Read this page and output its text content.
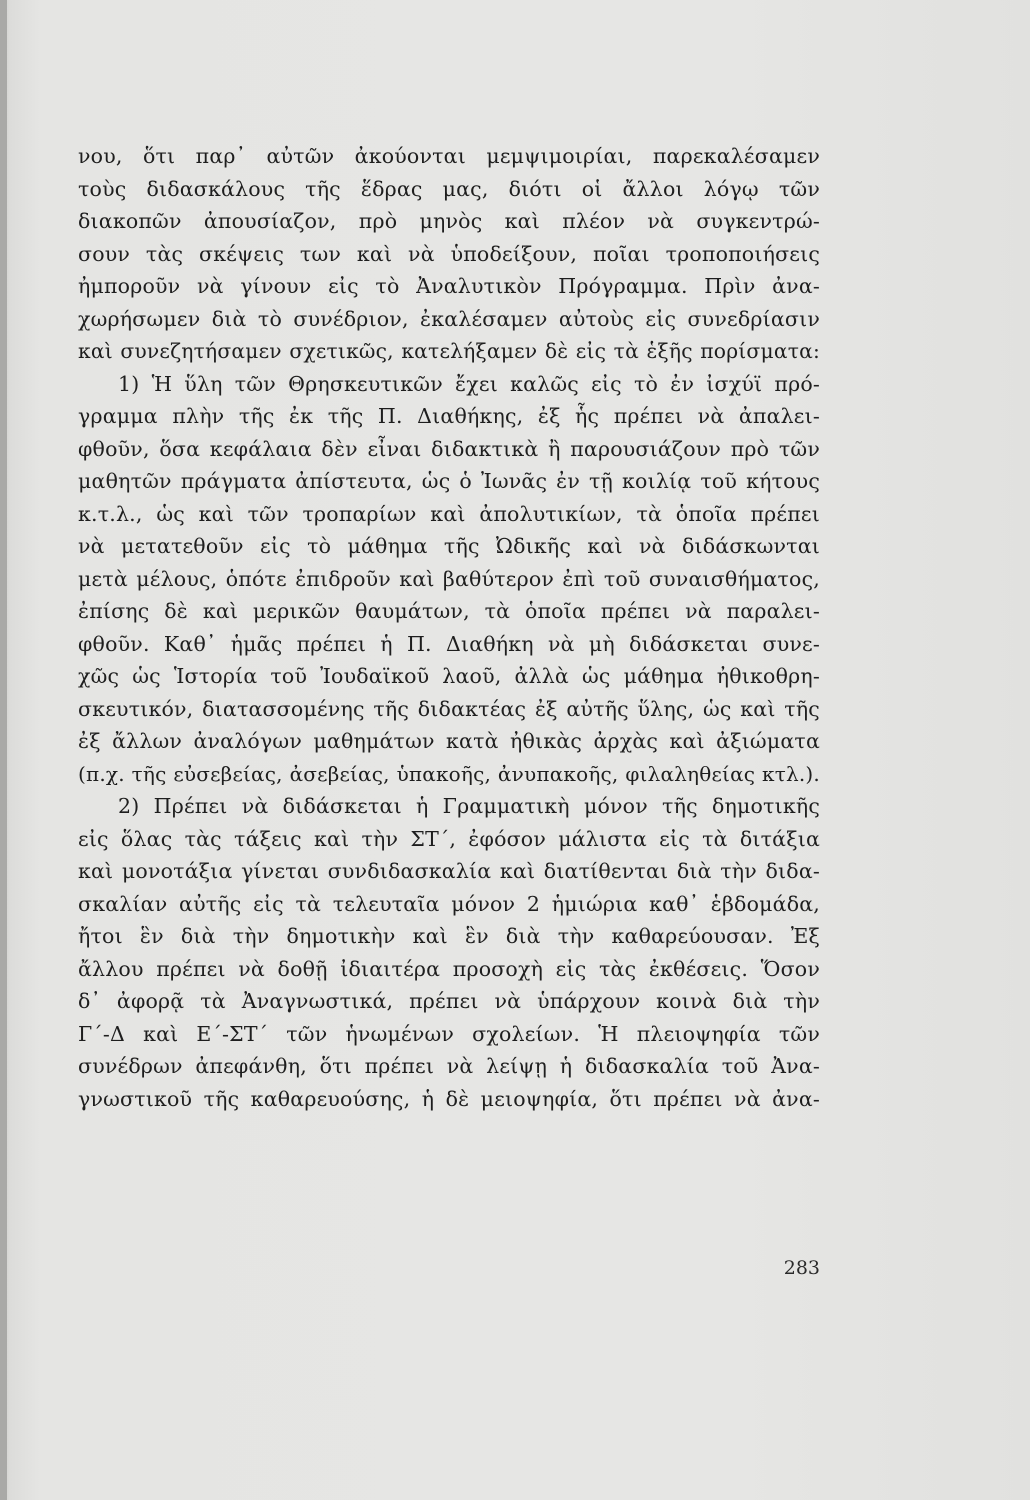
νου, ὅτι παρ᾽ αὐτῶν ἀκούονται μεμψιμοιρίαι, παρεκαλέσαμεν
τοὺς διδασκάλους τῆς ἕδρας μας, διότι οἱ ἄλλοι λόγῳ τῶν
διακοπῶν ἀπουσίαζον, πρὸ μηνὸς καὶ πλέον νὰ συγκεντρώ-
σουν τὰς σκέψεις των καὶ νὰ ὑποδείξουν, ποῖαι τροποποιήσεις
ἠμποροῦν νὰ γίνουν εἰς τὸ Ἀναλυτικὸν Πρόγραμμα. Πρὶν ἀνα-
χωρήσωμεν διὰ τὸ συνέδριον, ἐκαλέσαμεν αὐτοὺς εἰς συνεδρίασιν
καὶ συνεζητήσαμεν σχετικῶς, κατελήξαμεν δὲ εἰς τὰ ἑξῆς πορίσματα:
1) Ἡ ὕλη τῶν Θρησκευτικῶν ἔχει καλῶς εἰς τὸ ἐν ἰσχύϊ πρό-
γραμμα πλὴν τῆς ἐκ τῆς Π. Διαθήκης, ἐξ ἧς πρέπει νὰ ἀπαλει-
φθοῦν, ὅσα κεφάλαια δὲν εἶναι διδακτικὰ ἢ παρουσιάζουν πρὸ τῶν
μαθητῶν πράγματα ἀπίστευτα, ὡς ὁ Ἰωνᾶς ἐν τῇ κοιλίᾳ τοῦ κήτους
κ.τ.λ., ὡς καὶ τῶν τροπαρίων καὶ ἀπολυτικίων, τὰ ὁποῖα πρέπει
νὰ μετατεθοῦν εἰς τὸ μάθημα τῆς Ὠδικῆς καὶ νὰ διδάσκωνται
μετὰ μέλους, ὁπότε ἐπιδροῦν καὶ βαθύτερον ἐπὶ τοῦ συναισθήματος,
ἐπίσης δὲ καὶ μερικῶν θαυμάτων, τὰ ὁποῖα πρέπει νὰ παραλει-
φθοῦν. Καθ᾽ ἡμᾶς πρέπει ἡ Π. Διαθήκη νὰ μὴ διδάσκεται συνε-
χῶς ὡς Ἱστορία τοῦ Ἰουδαϊκοῦ λαοῦ, ἀλλὰ ὡς μάθημα ἠθικοθρη-
σκευτικόν, διατασσομένης τῆς διδακτέας ἐξ αὐτῆς ὕλης, ὡς καὶ τῆς
ἐξ ἄλλων ἀναλόγων μαθημάτων κατὰ ἠθικὰς ἀρχὰς καὶ ἀξιώματα
(π.χ. τῆς εὐσεβείας, ἀσεβείας, ὑπακοῆς, ἀνυπακοῆς, φιλαληθείας κτλ.).
2) Πρέπει νὰ διδάσκεται ἡ Γραμματικὴ μόνον τῆς δημοτικῆς
εἰς ὅλας τὰς τάξεις καὶ τὴν ΣΤ΄, ἐφόσον μάλιστα εἰς τὰ διτάξια
καὶ μονοτάξια γίνεται συνδιδασκαλία καὶ διατίθενται διὰ τὴν διδα-
σκαλίαν αὐτῆς εἰς τὰ τελευταῖα μόνον 2 ἡμιώρια καθ᾽ ἑβδομάδα,
ἤτοι ἓν διὰ τὴν δημοτικὴν καὶ ἓν διὰ τὴν καθαρεύουσαν. Ἐξ
ἄλλου πρέπει νὰ δοθῇ ἰδιαιτέρα προσοχὴ εἰς τὰς ἐκθέσεις. Ὅσον
δ᾽ ἀφορᾷ τὰ Ἀναγνωστικά, πρέπει νὰ ὑπάρχουν κοινὰ διὰ τὴν
Γ΄-Δ καὶ Ε΄-ΣΤ΄ τῶν ἡνωμένων σχολείων. Ἡ πλειοψηφία τῶν
συνέδρων ἀπεφάνθη, ὅτι πρέπει νὰ λείψῃ ἡ διδασκαλία τοῦ Ἀνα-
γνωστικοῦ τῆς καθαρευούσης, ἡ δὲ μειοψηφία, ὅτι πρέπει νὰ ἀνα-
283
